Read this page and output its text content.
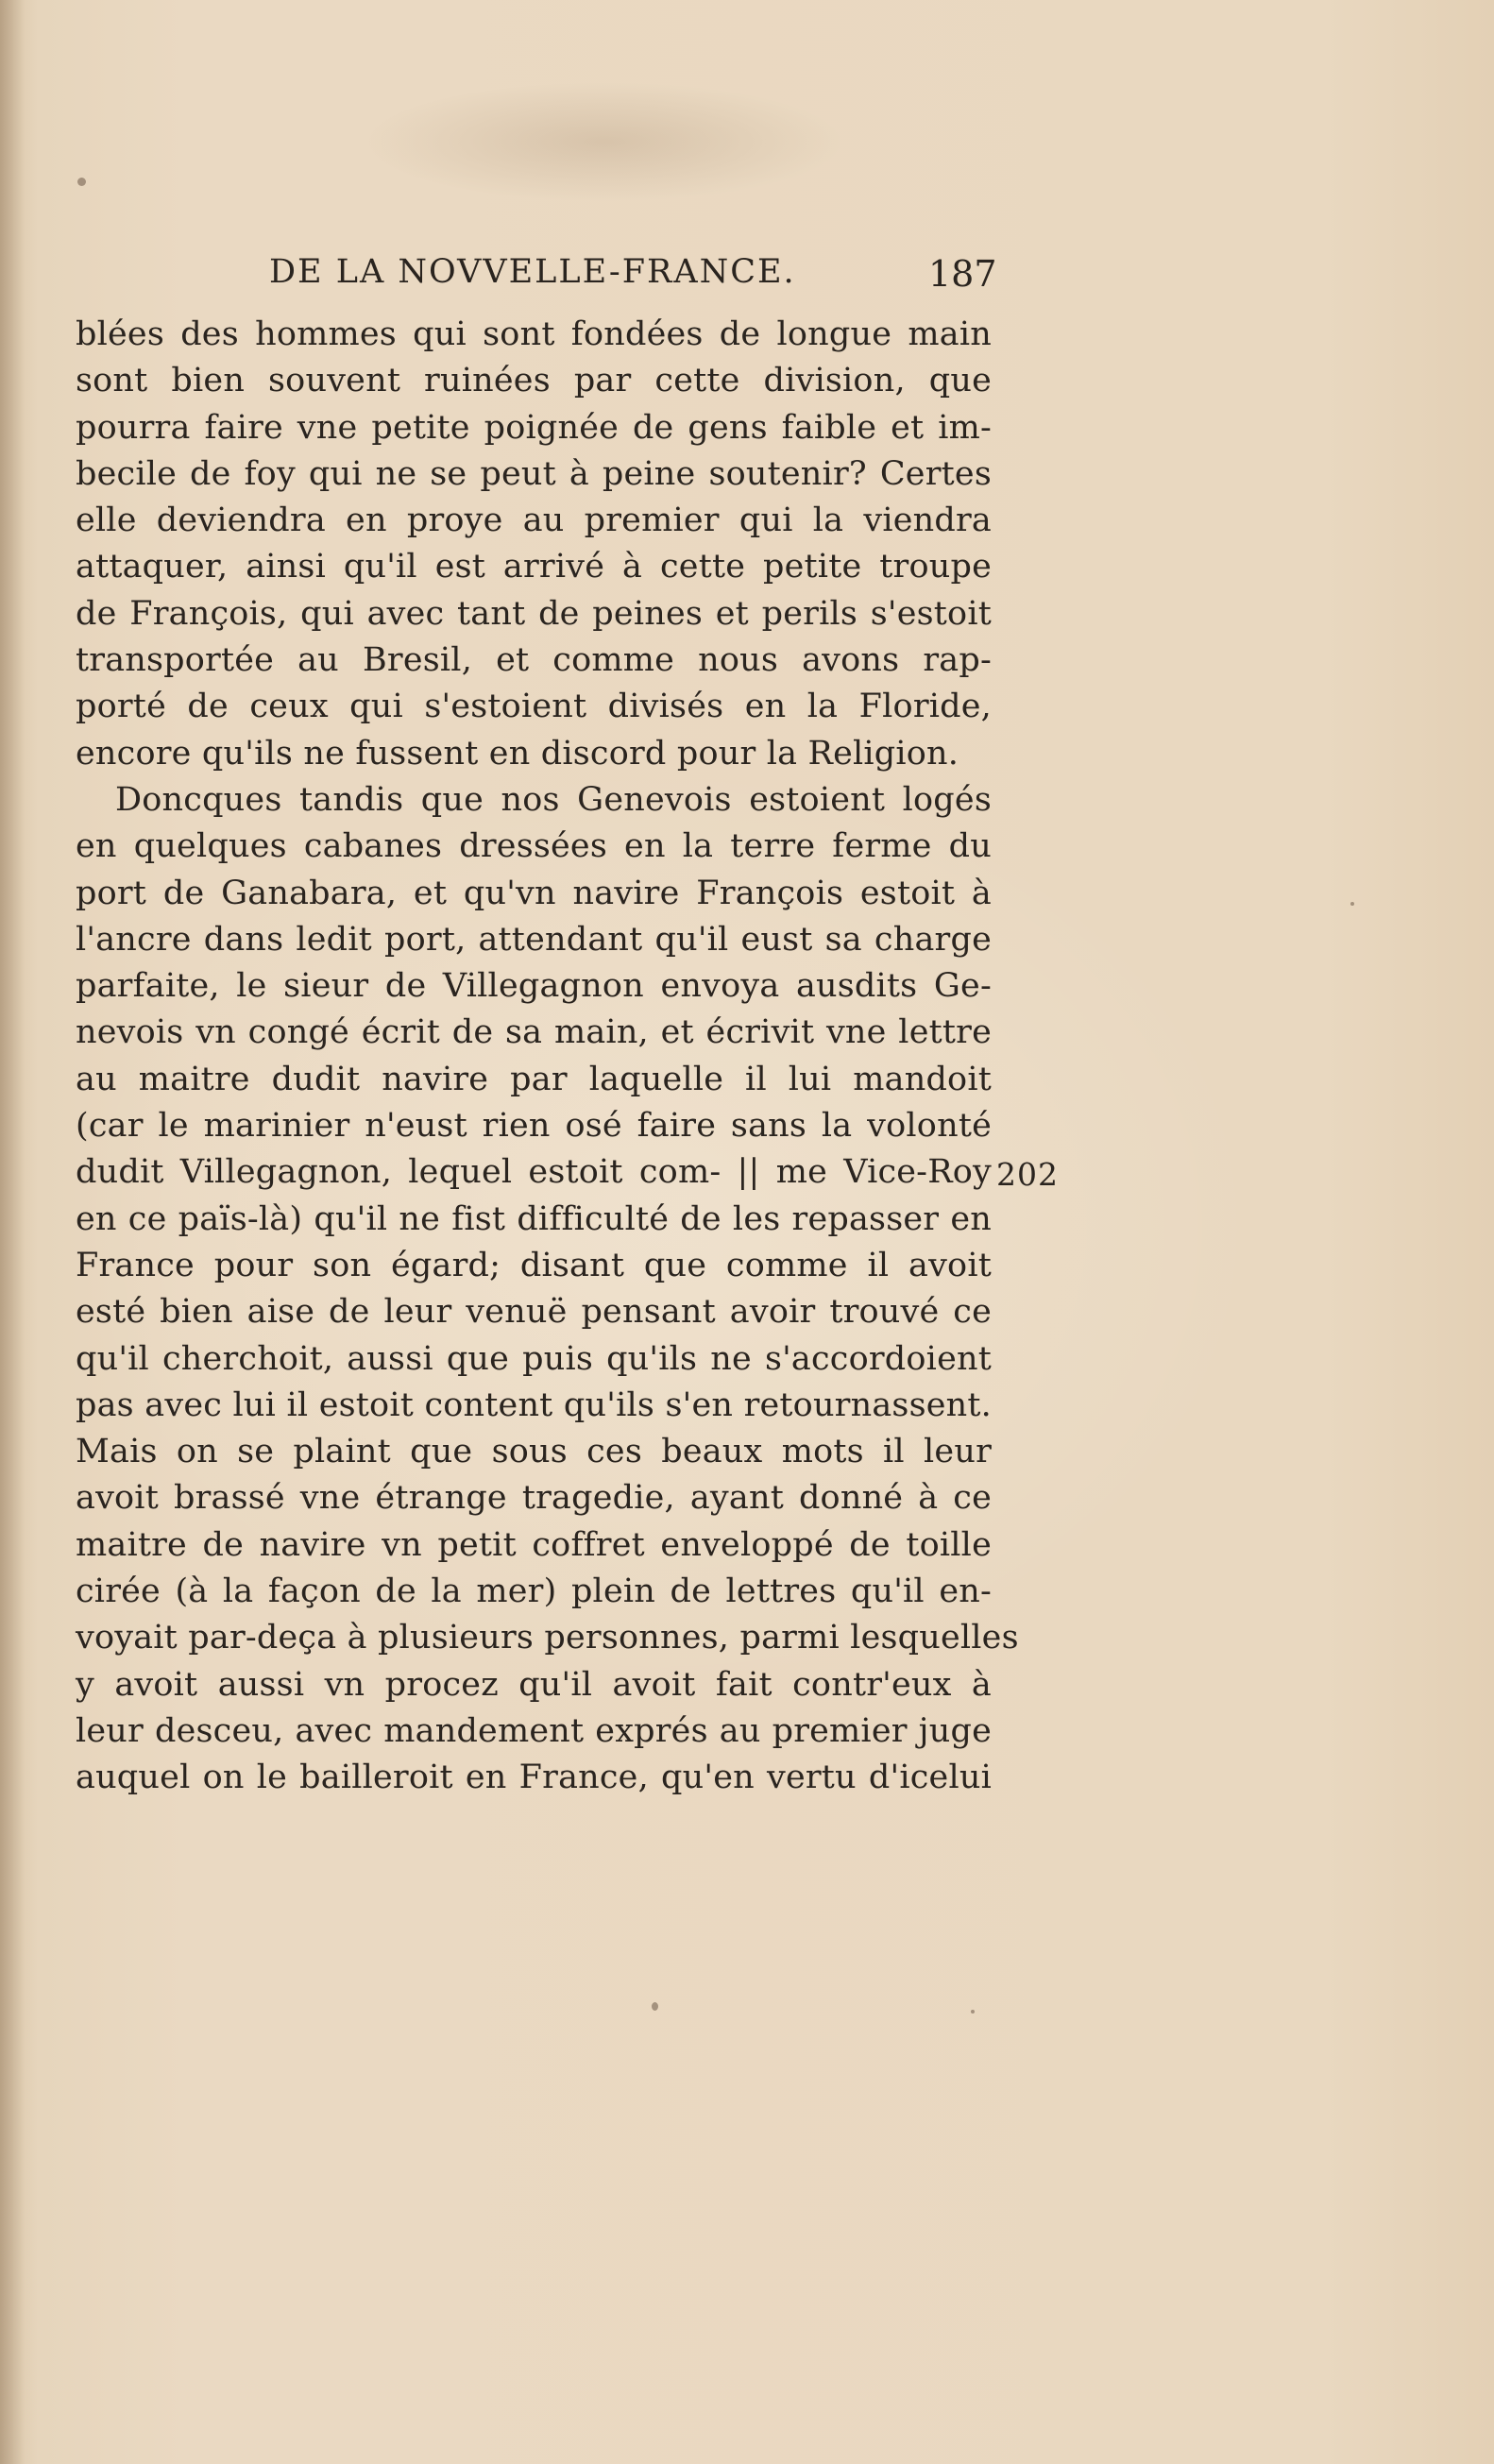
DE LA NOVVELLE-FRANCE.	187
blées des hommes qui sont fondées de longue main
sont bien souvent ruinées par cette division, que
pourra faire vne petite poignée de gens faible et im-
becile de foy qui ne se peut à peine soutenir? Certes
elle deviendra en proye au premier qui la viendra
attaquer, ainsi qu'il est arrivé à cette petite troupe
de François, qui avec tant de peines et perils s'estoit
transportée au Bresil, et comme nous avons rap-
porté de ceux qui s'estoient divisés en la Floride,
encore qu'ils ne fussent en discord pour la Religion.
Doncques tandis que nos Genevois estoient logés
en quelques cabanes dressées en la terre ferme du
port de Ganabara, et qu'vn navire François estoit à
l'ancre dans ledit port, attendant qu'il eust sa charge
parfaite, le sieur de Villegagnon envoya ausdits Ge-
nevois vn congé écrit de sa main, et écrivit vne lettre
au maitre dudit navire par laquelle il lui mandoit
(car le marinier n'eust rien osé faire sans la volonté
dudit Villegagnon, lequel estoit com- || me Vice-Roy
en ce païs-là) qu'il ne fist difficulté de les repasser en
France pour son égard; disant que comme il avoit
esté bien aise de leur venuë pensant avoir trouvé ce
qu'il cherchoit, aussi que puis qu'ils ne s'accordoient
pas avec lui il estoit content qu'ils s'en retournassent.
Mais on se plaint que sous ces beaux mots il leur
avoit brassé vne étrange tragedie, ayant donné à ce
maitre de navire vn petit coffret enveloppé de toille
cirée (à la façon de la mer) plein de lettres qu'il en-
voyait par-deça à plusieurs personnes, parmi lesquelles
y avoit aussi vn procez qu'il avoit fait contr'eux à
leur desceu, avec mandement exprés au premier juge
auquel on le bailleroit en France, qu'en vertu d'icelui
202
